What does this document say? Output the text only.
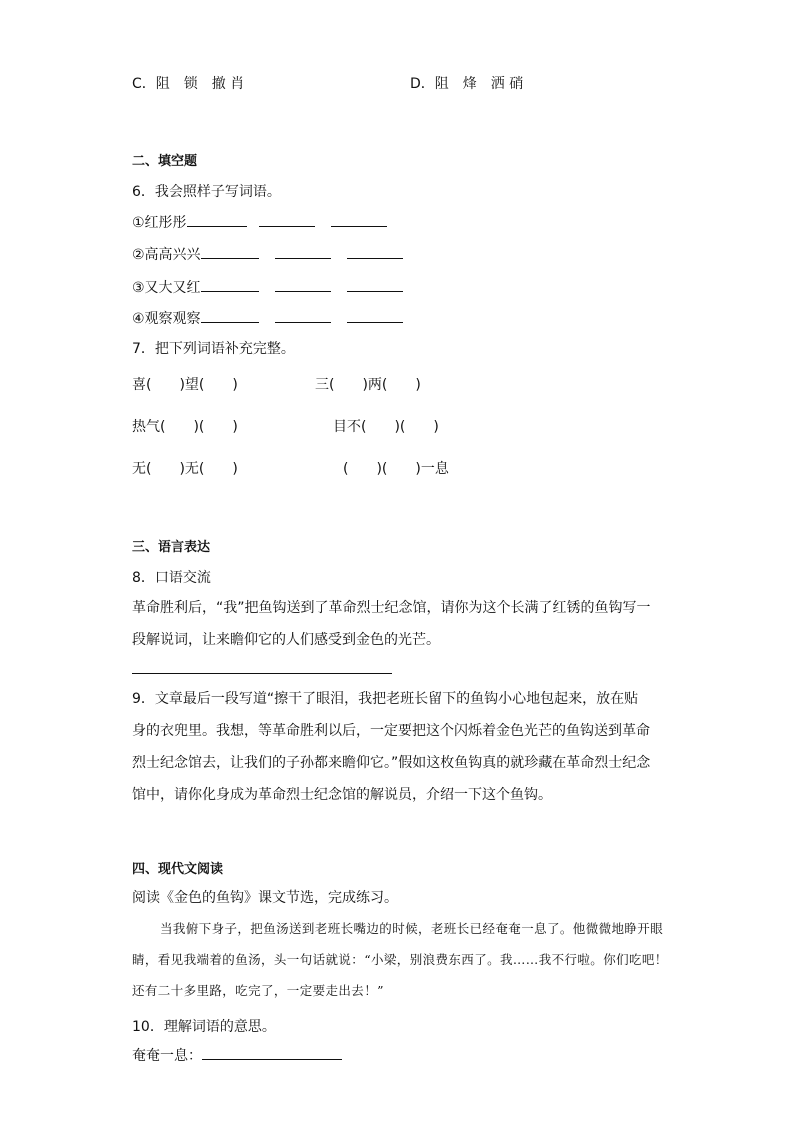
C．阻　锁　撤 肖	D．阻　烽　洒 硝
二、填空题
6．我会照样子写词语。
①红彤彤
②高高兴兴
③又大又红
④观察观察
7．把下列词语补充完整。
喜(　　)望(　　)	三(　　)两(　　)
热气(　　)(　　)	目不(　　)(　　)
无(　　)无(　　)	(　　)(　　)一息
三、语言表达
8．口语交流
革命胜利后，“我”把鱼钩送到了革命烈士纪念馆，请你为这个长满了红锈的鱼钩写一段解说词，让来瞻仰它的人们感受到金色的光芒。
9．文章最后一段写道“擦干了眼泪，我把老班长留下的鱼钩小心地包起来，放在贴身的衣兜里。我想，等革命胜利以后，一定要把这个闪烁着金色光芒的鱼钩送到革命烈士纪念馆去，让我们的子孙都来瞻仰它。”假如这枚鱼钩真的就珍藏在革命烈士纪念馆中，请你化身成为革命烈士纪念馆的解说员，介绍一下这个鱼钩。
四、现代文阅读
阅读《金色的鱼钩》课文节选，完成练习。
当我俯下身子，把鱼汤送到老班长嘴边的时候，老班长已经奄奄一息了。他微微地睁开眼睛，看见我端着的鱼汤，头一句话就说：“小梁，别浪费东西了。我……我不行啦。你们吃吧！还有二十多里路，吃完了，一定要走出去！”
10．理解词语的意思。
奄奄一息：
